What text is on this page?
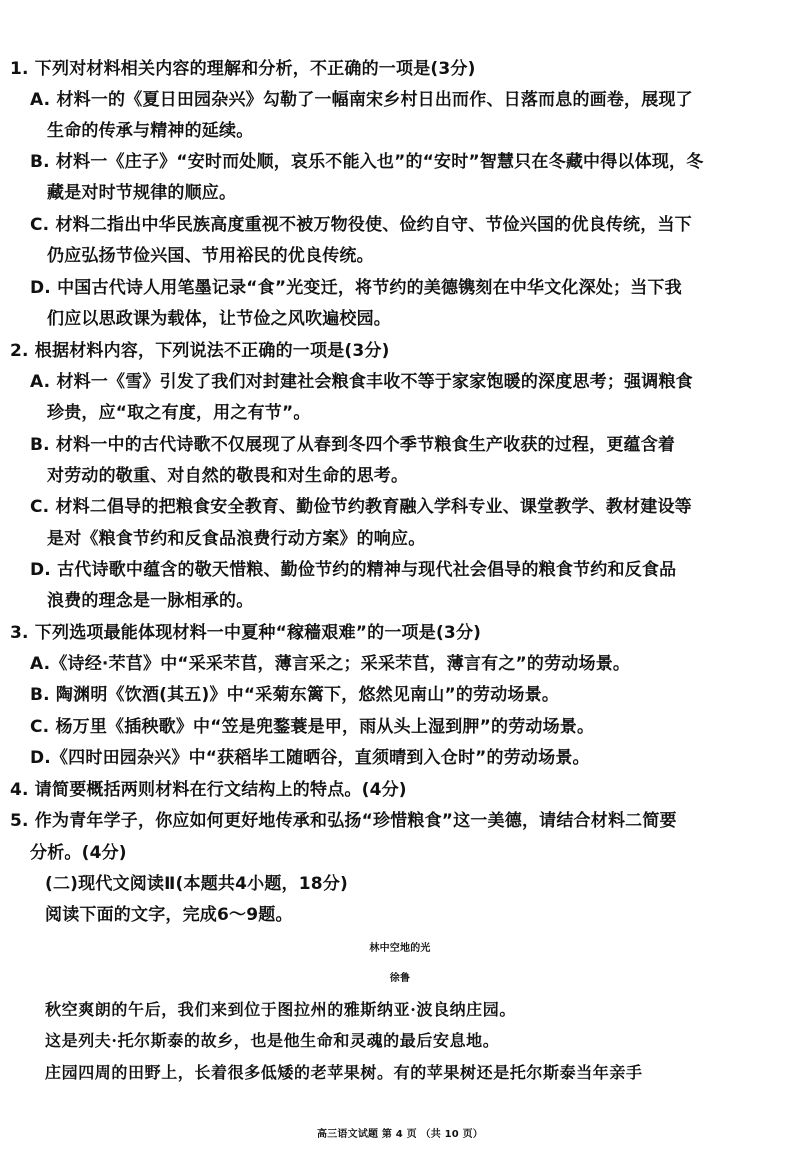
1. 下列对材料相关内容的理解和分析，不正确的一项是(3分)
A. 材料一的《夏日田园杂兴》勾勒了一幅南宋乡村日出而作、日落而息的画卷，展现了
生命的传承与精神的延续。
B. 材料一《庄子》“安时而处顺，哀乐不能入也”的“安时”智慧只在冬藏中得以体现，冬
藏是对时节规律的顺应。
C. 材料二指出中华民族高度重视不被万物役使、俭约自守、节俭兴国的优良传统，当下
仍应弘扬节俭兴国、节用裕民的优良传统。
D. 中国古代诗人用笔墨记录“食”光变迁，将节约的美德镌刻在中华文化深处；当下我
们应以思政课为载体，让节俭之风吹遍校园。
2. 根据材料内容，下列说法不正确的一项是(3分)
A. 材料一《雪》引发了我们对封建社会粮食丰收不等于家家饱暖的深度思考；强调粮食
珍贵，应“取之有度，用之有节”。
B. 材料一中的古代诗歌不仅展现了从春到冬四个季节粮食生产收获的过程，更蕴含着
对劳动的敬重、对自然的敬畏和对生命的思考。
C. 材料二倡导的把粮食安全教育、勤俭节约教育融入学科专业、课堂教学、教材建设等
是对《粮食节约和反食品浪费行动方案》的响应。
D. 古代诗歌中蕴含的敬天惜粮、勤俭节约的精神与现代社会倡导的粮食节约和反食品
浪费的理念是一脉相承的。
3. 下列选项最能体现材料一中夏种“稼穑艰难”的一项是(3分)
A.《诗经·芣苢》中“采采芣苢，薄言采之；采采芣苢，薄言有之”的劳动场景。
B. 陶渊明《饮酒(其五)》中“采菊东篱下，悠然见南山”的劳动场景。
C. 杨万里《插秧歌》中“笠是兜鍪蓑是甲，雨从头上湿到胛”的劳动场景。
D.《四时田园杂兴》中“获稻毕工随晒谷，直须晴到入仓时”的劳动场景。
4. 请简要概括两则材料在行文结构上的特点。(4分)
5. 作为青年学子，你应如何更好地传承和弘扬“珍惜粮食”这一美德，请结合材料二简要
分析。(4分)
(二)现代文阅读Ⅱ(本题共4小题，18分)
阅读下面的文字，完成6～9题。
林中空地的光
徐鲁
秋空爽朗的午后，我们来到位于图拉州的雅斯纳亚·波良纳庄园。
这是列夫·托尔斯泰的故乡，也是他生命和灵魂的最后安息地。
庄园四周的田野上，长着很多低矮的老苹果树。有的苹果树还是托尔斯泰当年亲手
高三语文试题 第 4 页 （共 10 页）
